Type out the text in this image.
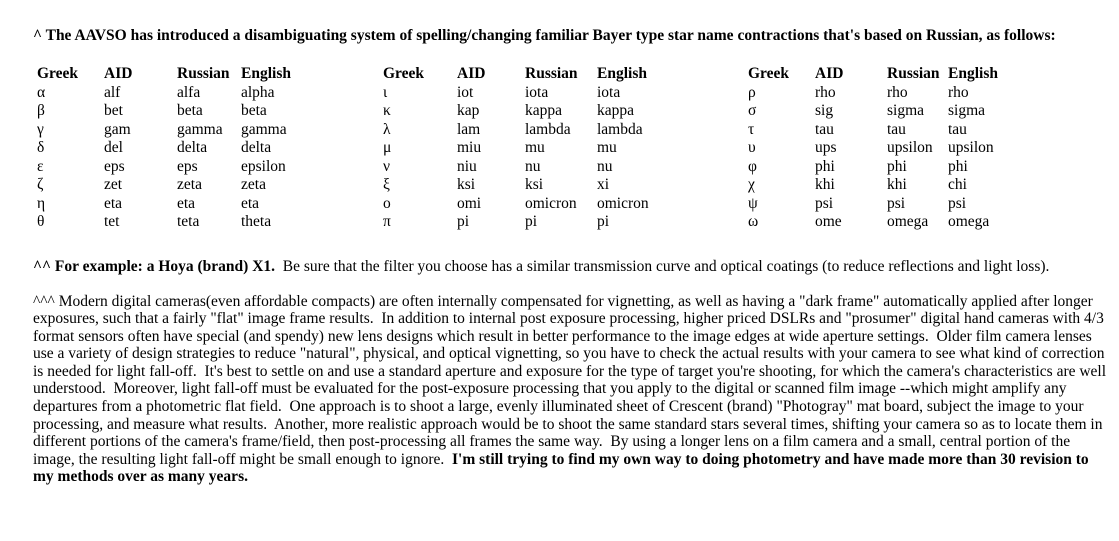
^ The AAVSO has introduced a disambiguating system of spelling/changing familiar Bayer type star name contractions that's based on Russian, as follows:

Greek	AID	Russian	English
α	alf	alfa	alpha
β	bet	beta	beta
γ	gam	gamma	gamma
δ	del	delta	delta
ε	eps	eps	epsilon
ζ	zet	zeta	zeta
η	eta	eta	eta
θ	tet	teta	theta
Greek	AID	Russian	English
ι	iot	iota	iota
κ	kap	kappa	kappa
λ	lam	lambda	lambda
μ	miu	mu	mu
ν	niu	nu	nu
ξ	ksi	ksi	xi
ο	omi	omicron	omicron
π	pi	pi	pi
Greek	AID	Russian	English
ρ	rho	rho	rho
σ	sig	sigma	sigma
τ	tau	tau	tau
υ	ups	upsilon	upsilon
φ	phi	phi	phi
χ	khi	khi	chi
ψ	psi	psi	psi
ω	ome	omega	omega

^^ For example: a Hoya (brand) X1.  Be sure that the filter you choose has a similar transmission curve and optical coatings (to reduce reflections and light loss).

^^^ Modern digital cameras(even affordable compacts) are often internally compensated for vignetting, as well as having a "dark frame" automatically applied after longer exposures, such that a fairly "flat" image frame results.  In addition to internal post exposure processing, higher priced DSLRs and "prosumer" digital hand cameras with 4/3 format sensors often have special (and spendy) new lens designs which result in better performance to the image edges at wide aperture settings.  Older film camera lenses use a variety of design strategies to reduce "natural", physical, and optical vignetting, so you have to check the actual results with your camera to see what kind of correction is needed for light fall-off.  It's best to settle on and use a standard aperture and exposure for the type of target you're shooting, for which the camera's characteristics are well understood.  Moreover, light fall-off must be evaluated for the post-exposure processing that you apply to the digital or scanned film image --which might amplify any departures from a photometric flat field.  One approach is to shoot a large, evenly illuminated sheet of Crescent (brand) "Photogray" mat board, subject the image to your processing, and measure what results.  Another, more realistic approach would be to shoot the same standard stars several times, shifting your camera so as to locate them in different portions of the camera's frame/field, then post-processing all frames the same way.  By using a longer lens on a film camera and a small, central portion of the image, the resulting light fall-off might be small enough to ignore.  I'm still trying to find my own way to doing photometry and have made more than 30 revision to my methods over as many years.
